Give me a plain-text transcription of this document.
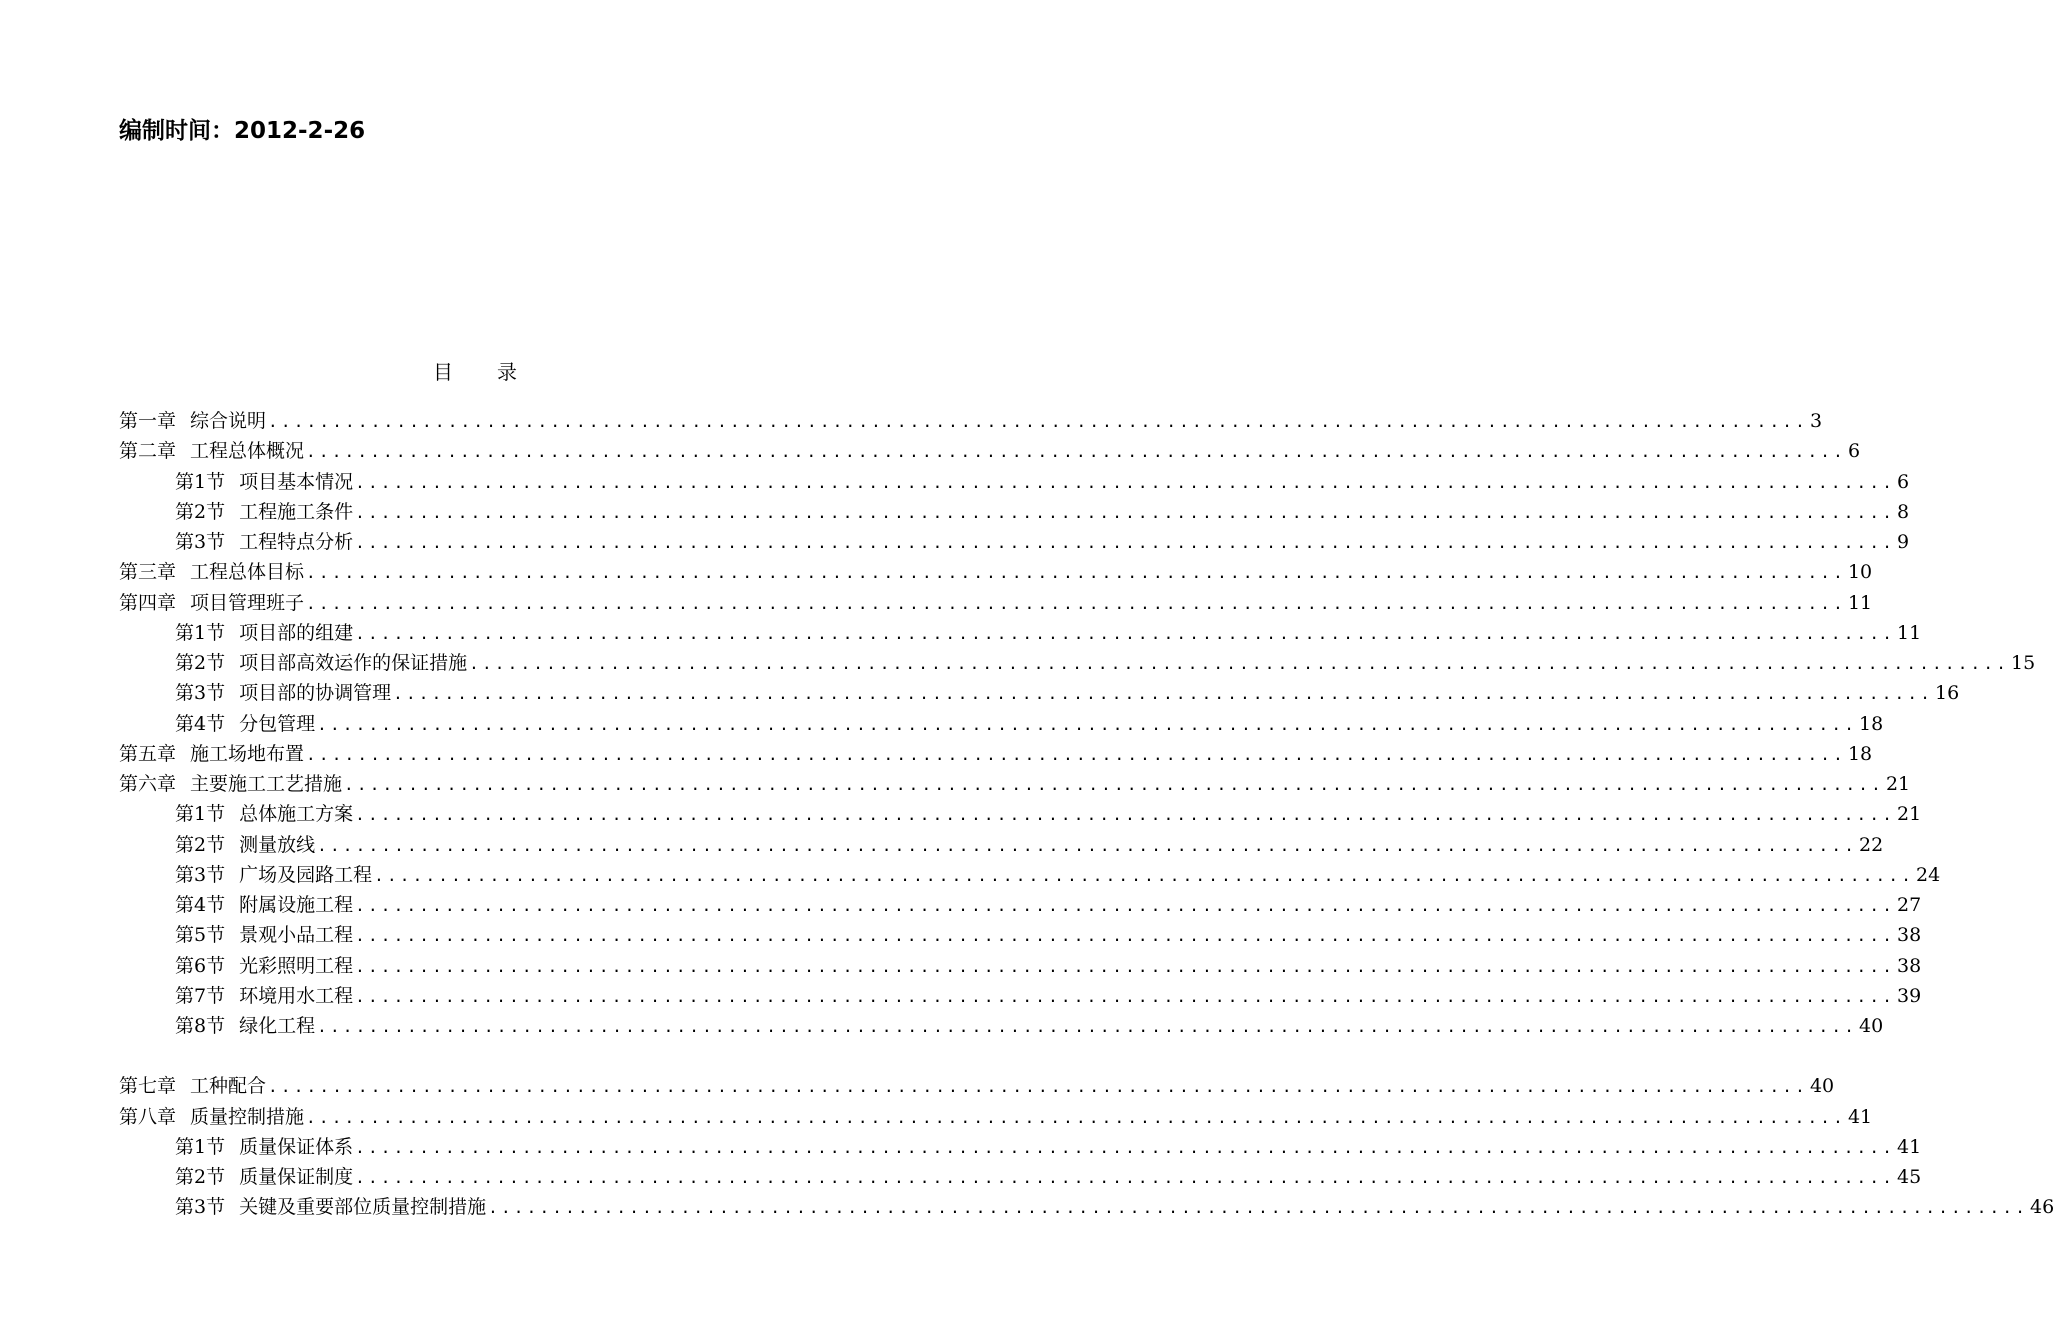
编制时间：2012-2-26
目录
第一章 综合说明 ........................................................................................................................ 3
第二章 工程总体概况 ........................................................................................................................ 6
第1节 项目基本情况 ........................................................................................................................ 6
第2节 工程施工条件 ........................................................................................................................ 8
第3节 工程特点分析 ........................................................................................................................ 9
第三章 工程总体目标 ........................................................................................................................ 10
第四章 项目管理班子 ........................................................................................................................ 11
第1节 项目部的组建 ........................................................................................................................ 11
第2节 项目部高效运作的保证措施 ........................................................................................................................ 15
第3节 项目部的协调管理 ........................................................................................................................ 16
第4节 分包管理 ........................................................................................................................ 18
第五章 施工场地布置 ........................................................................................................................ 18
第六章 主要施工工艺措施 ........................................................................................................................ 21
第1节 总体施工方案 ........................................................................................................................ 21
第2节 测量放线 ........................................................................................................................ 22
第3节 广场及园路工程 ........................................................................................................................ 24
第4节 附属设施工程 ........................................................................................................................ 27
第5节 景观小品工程 ........................................................................................................................ 38
第6节 光彩照明工程 ........................................................................................................................ 38
第7节 环境用水工程 ........................................................................................................................ 39
第8节 绿化工程 ........................................................................................................................ 40
第七章 工种配合 ........................................................................................................................ 40
第八章 质量控制措施 ........................................................................................................................ 41
第1节 质量保证体系 ........................................................................................................................ 41
第2节 质量保证制度 ........................................................................................................................ 45
第3节 关键及重要部位质量控制措施 ........................................................................................................................ 46
